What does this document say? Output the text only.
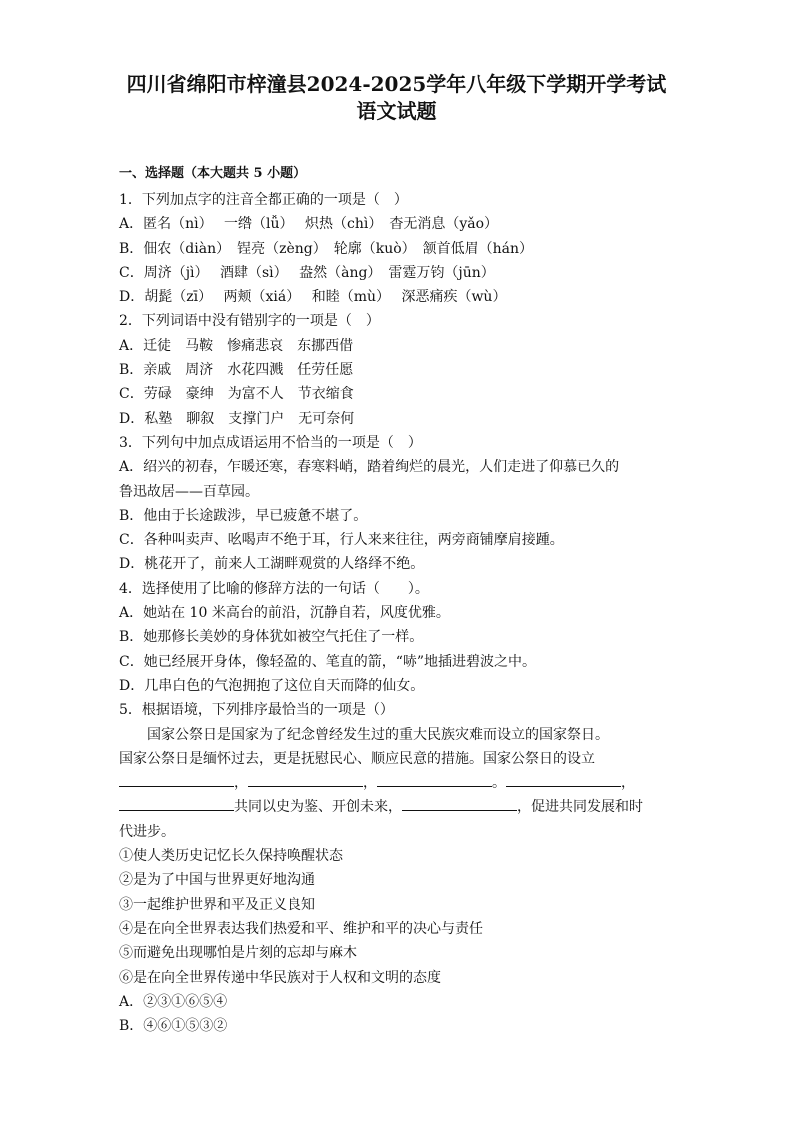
四川省绵阳市梓潼县2024-2025学年八年级下学期开学考试
语文试题
一、选择题（本大题共 5 小题）
1．下列加点字的注音全都正确的一项是（　）
A．匿名（nì）　 一绺（lǚ）　 炽热（chì）　杳无消息（yǎo）
B．佃农（diàn）　锃亮（zèng）　轮廓（kuò）　颔首低眉（hán）
C．周济（jì）　 酒肆（sì）　 盎然（àng）　雷霆万钧（jūn）
D．胡髭（zī）　 两颊（xiá）　 和睦（mù）　 深恶痛疾（wù）
2．下列词语中没有错别字的一项是（　）
A．迁徒　马鞍　惨痛悲哀　东挪西借
B．亲戚　周济　水花四溅　任劳任愿
C．劳碌　豪绅　为富不人　节衣缩食
D．私塾　聊叙　支撑门户　无可奈何
3．下列句中加点成语运用不恰当的一项是（　）
A．绍兴的初春，乍暖还寒，春寒料峭，踏着绚烂的晨光，人们走进了仰慕已久的
鲁迅故居——百草园。
B．他由于长途跋涉，早已疲惫不堪了。
C．各种叫卖声、吆喝声不绝于耳，行人来来往往，两旁商铺摩肩接踵。
D．桃花开了，前来人工湖畔观赏的人络绎不绝。
4．选择使用了比喻的修辞方法的一句话（　　）。
A．她站在 10 米高台的前沿，沉静自若，风度优雅。
B．她那修长美妙的身体犹如被空气托住了一样。
C．她已经展开身体，像轻盈的、笔直的箭，“哧”地插进碧波之中。
D．几串白色的气泡拥抱了这位自天而降的仙女。
5．根据语境，下列排序最恰当的一项是（）
国家公祭日是国家为了纪念曾经发生过的重大民族灾难而设立的国家祭日。
国家公祭日是缅怀过去，更是抚慰民心、顺应民意的措施。国家公祭日的设立
，	，	。	，
共同以史为鉴、开创未来，	，促进共同发展和时
代进步。
①使人类历史记忆长久保持唤醒状态
②是为了中国与世界更好地沟通
③一起维护世界和平及正义良知
④是在向全世界表达我们热爱和平、维护和平的决心与责任
⑤而避免出现哪怕是片刻的忘却与麻木
⑥是在向全世界传递中华民族对于人权和文明的态度
A．②③①⑥⑤④
B．④⑥①⑤③②
